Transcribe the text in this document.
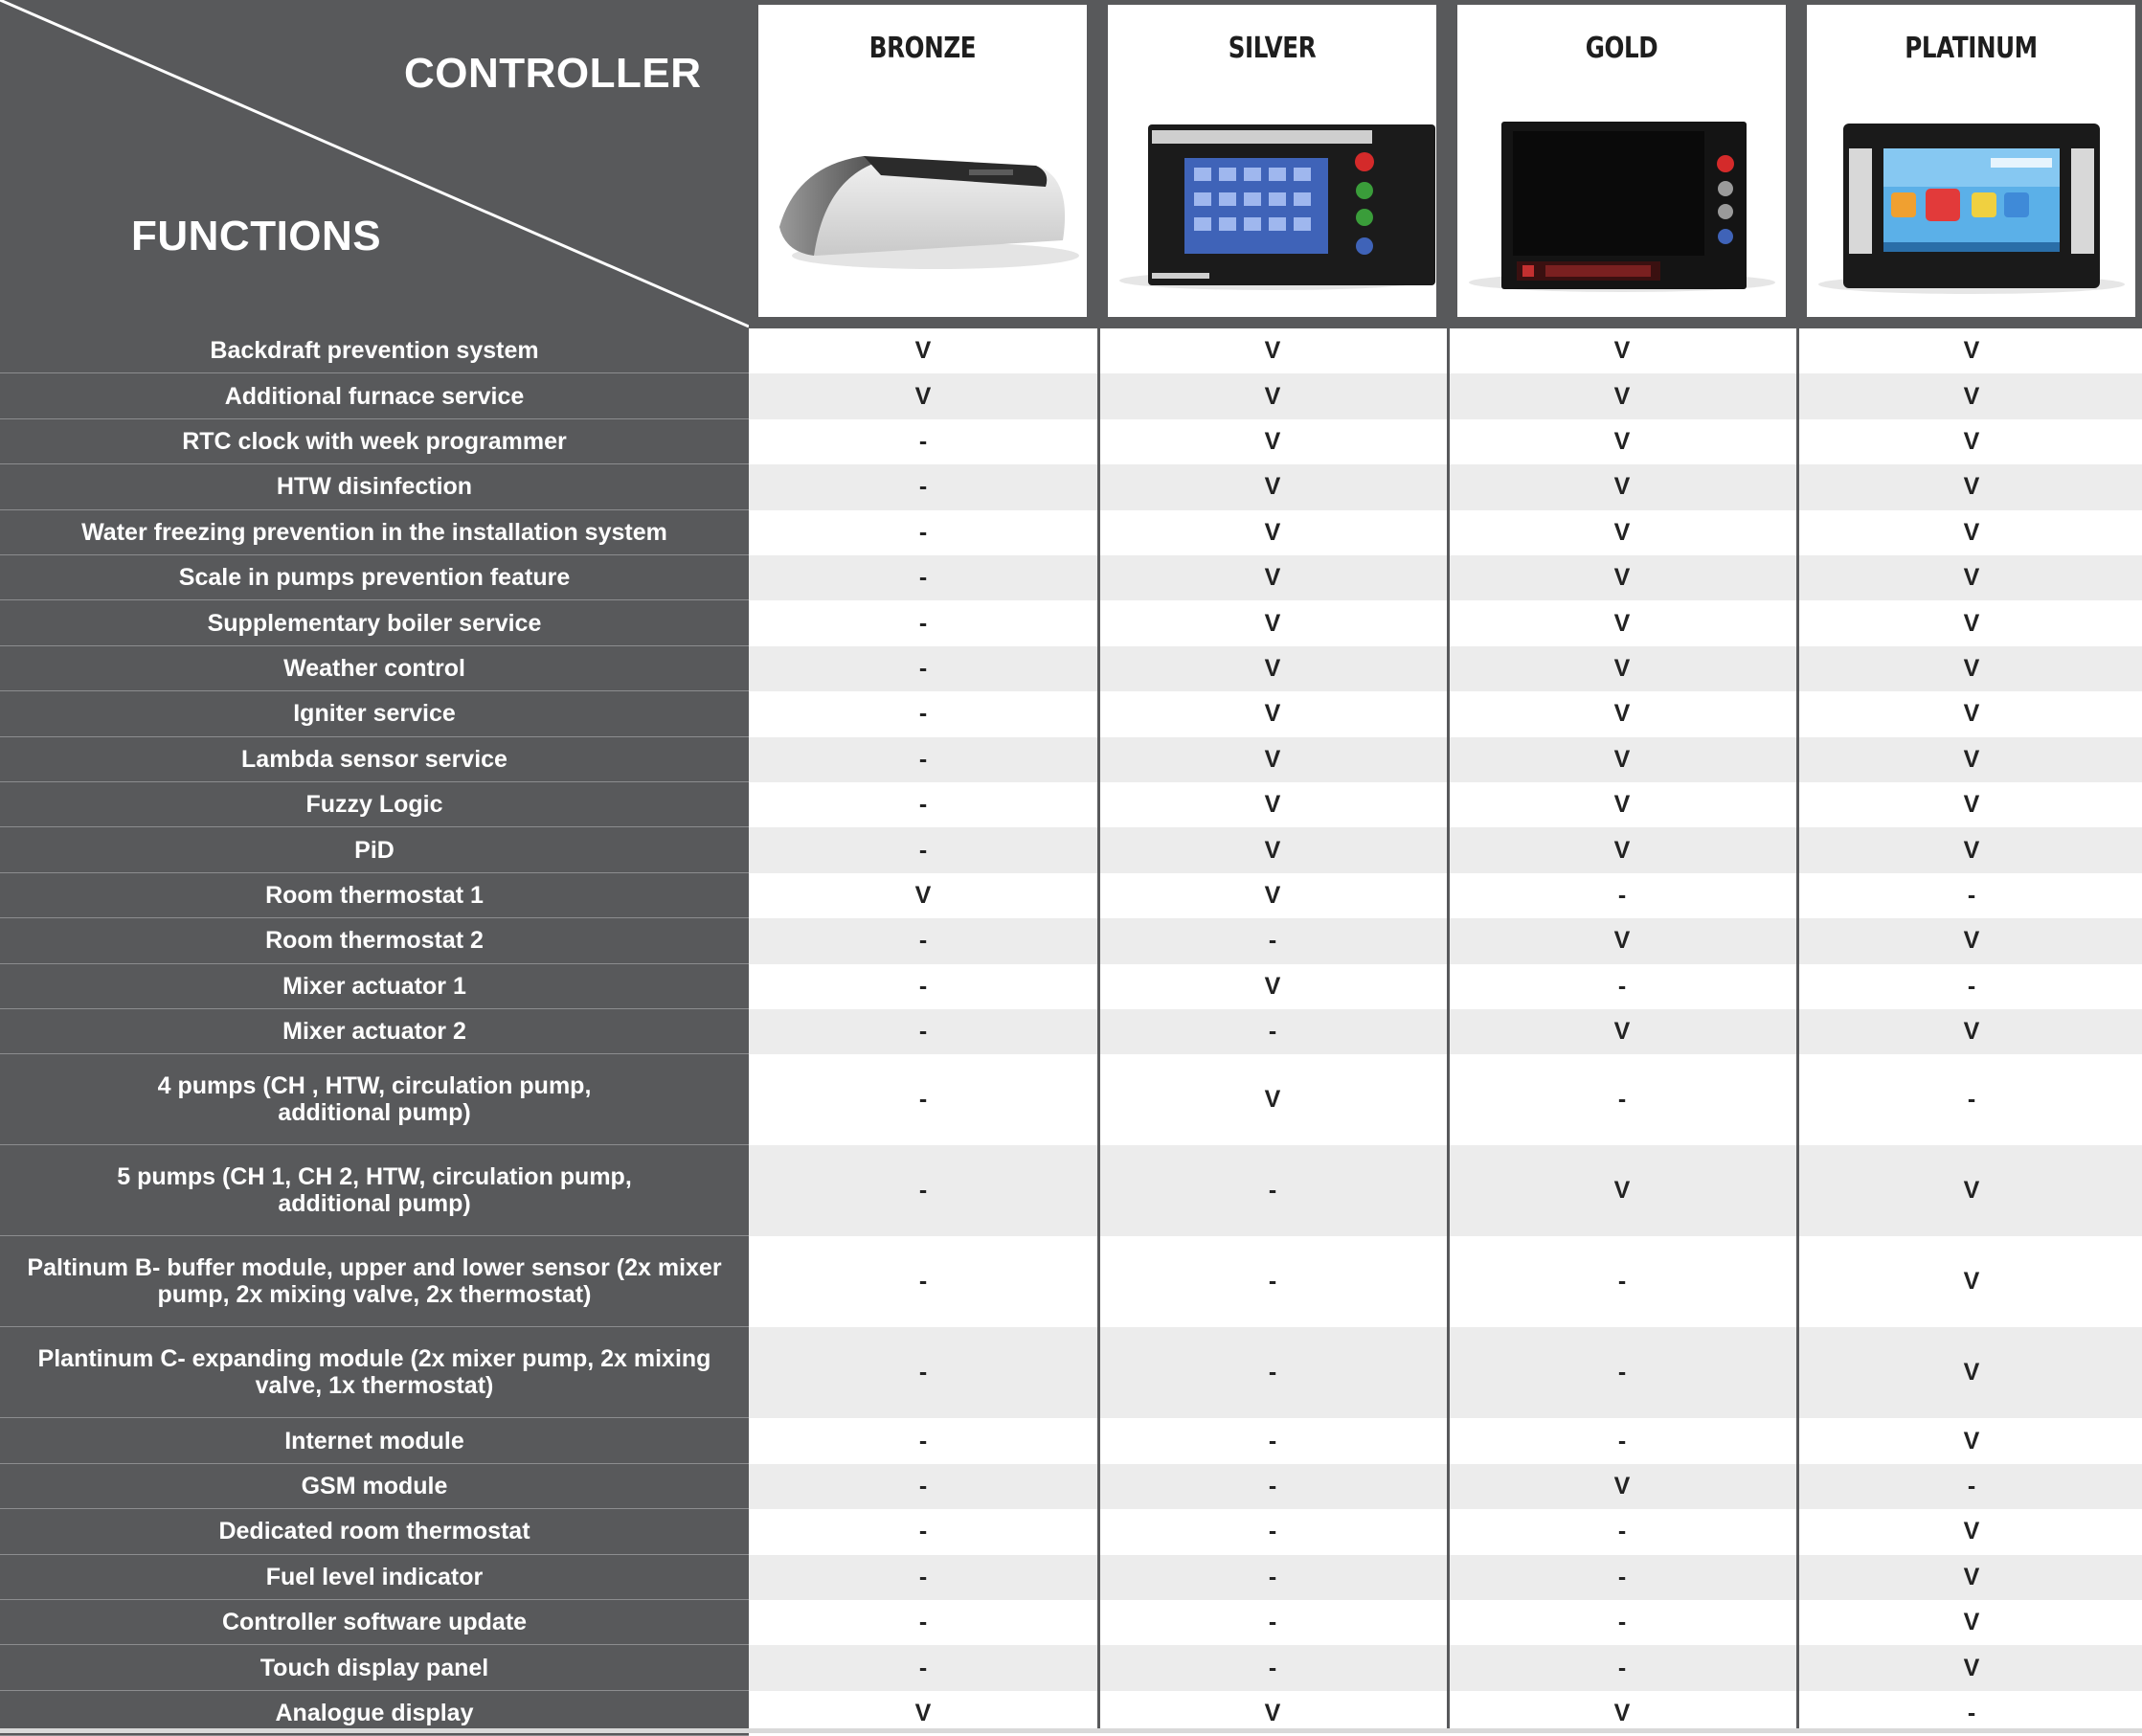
CONTROLLER
FUNCTIONS
BRONZE	SILVER	GOLD	PLATINUM
Backdraft prevention system	V	V	V	V
Additional furnace service	V	V	V	V
RTC clock with week programmer	-	V	V	V
HTW disinfection	-	V	V	V
Water freezing prevention in the installation system	-	V	V	V
Scale in pumps prevention feature	-	V	V	V
Supplementary boiler service	-	V	V	V
Weather control	-	V	V	V
Igniter service	-	V	V	V
Lambda sensor service	-	V	V	V
Fuzzy Logic	-	V	V	V
PiD	-	V	V	V
Room thermostat 1	V	V	-	-
Room thermostat 2	-	-	V	V
Mixer actuator 1	-	V	-	-
Mixer actuator 2	-	-	V	V
4 pumps (CH , HTW, circulation pump,
additional pump)	-	V	-	-
5 pumps (CH 1, CH 2, HTW, circulation pump,
additional pump)	-	-	V	V
Paltinum B- buffer module, upper and lower sensor (2x mixer
pump, 2x mixing valve, 2x thermostat)	-	-	-	V
Plantinum C- expanding module (2x mixer pump, 2x mixing
valve, 1x thermostat)	-	-	-	V
Internet module	-	-	-	V
GSM module	-	-	V	-
Dedicated room thermostat	-	-	-	V
Fuel level indicator	-	-	-	V
Controller software update	-	-	-	V
Touch display panel	-	-	-	V
Analogue display	V	V	V	-
